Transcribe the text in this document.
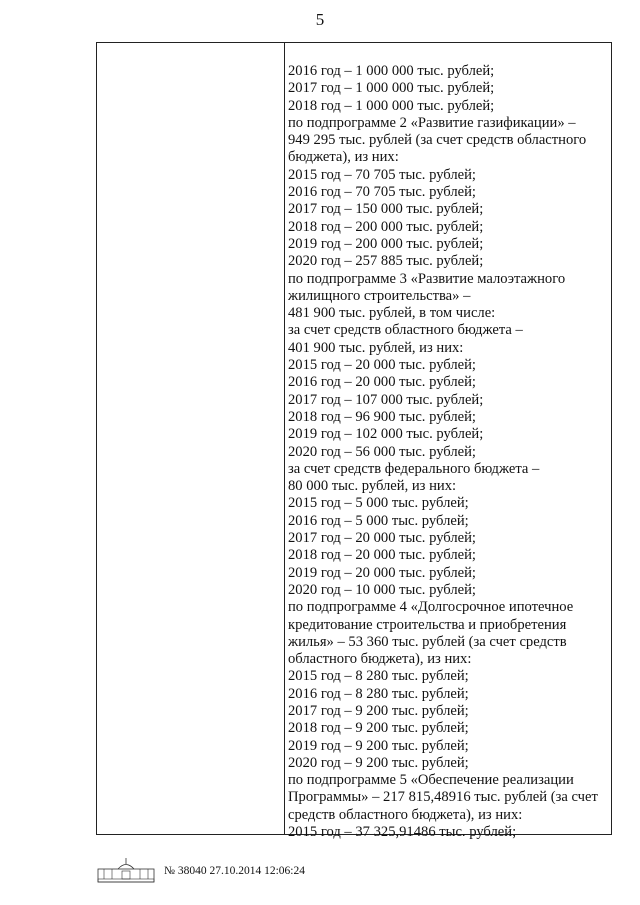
5
2016 год – 1 000 000 тыс. рублей;
2017 год – 1 000 000 тыс. рублей;
2018 год – 1 000 000 тыс. рублей;
по подпрограмме 2 «Развитие газификации» –
949 295 тыс. рублей (за счет средств областного
бюджета), из них:
2015 год – 70 705 тыс. рублей;
2016 год – 70 705 тыс. рублей;
2017 год – 150 000 тыс. рублей;
2018 год – 200 000 тыс. рублей;
2019 год – 200 000 тыс. рублей;
2020 год – 257 885 тыс. рублей;
по подпрограмме 3 «Развитие малоэтажного
жилищного строительства» –
481 900 тыс. рублей, в том числе:
за счет средств областного бюджета –
401 900 тыс. рублей, из них:
2015 год – 20 000 тыс. рублей;
2016 год – 20 000 тыс. рублей;
2017 год – 107 000 тыс. рублей;
2018 год – 96 900 тыс. рублей;
2019 год – 102 000 тыс. рублей;
2020 год – 56 000 тыс. рублей;
за счет средств федерального бюджета –
80 000 тыс. рублей, из них:
2015 год – 5 000 тыс. рублей;
2016 год – 5 000 тыс. рублей;
2017 год – 20 000 тыс. рублей;
2018 год – 20 000 тыс. рублей;
2019 год – 20 000 тыс. рублей;
2020 год – 10 000 тыс. рублей;
по подпрограмме 4 «Долгосрочное ипотечное
кредитование строительства и приобретения
жилья» – 53 360 тыс. рублей (за счет средств
областного бюджета), из них:
2015 год – 8 280 тыс. рублей;
2016 год – 8 280 тыс. рублей;
2017 год – 9 200 тыс. рублей;
2018 год – 9 200 тыс. рублей;
2019 год – 9 200 тыс. рублей;
2020 год – 9 200 тыс. рублей;
по подпрограмме 5 «Обеспечение реализации
Программы» – 217 815,48916 тыс. рублей (за счет
средств областного бюджета), из них:
2015 год – 37 325,91486 тыс. рублей;
№ 38040 27.10.2014 12:06:24
